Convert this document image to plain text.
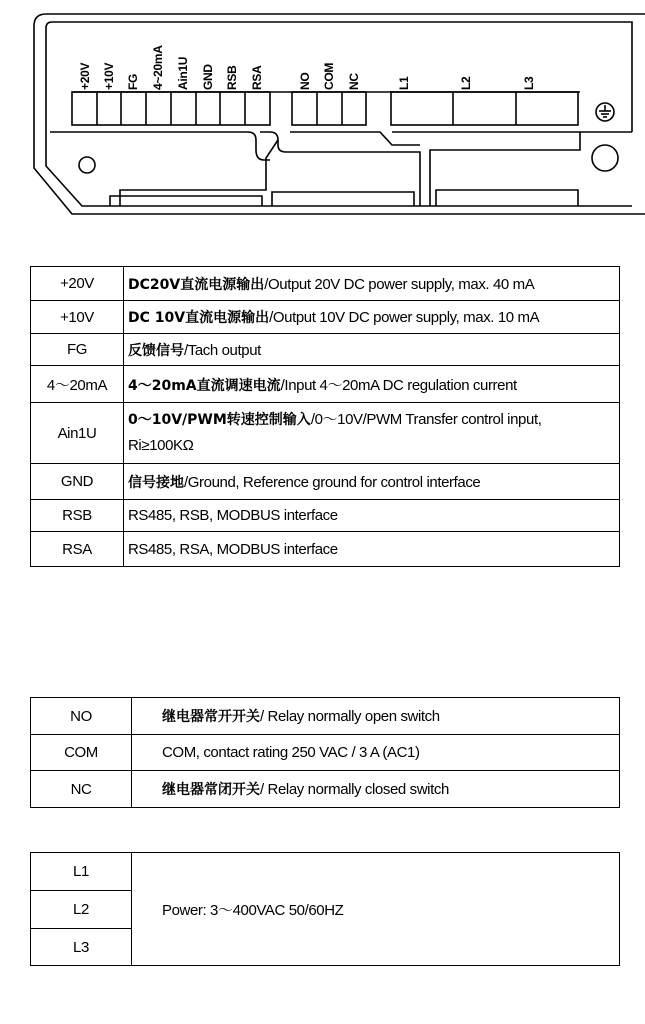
+20V +10V FG 4~20mA Ain1U GND RSB RSA	NO COM NC	L1	L2	L3
+20V	DC20V直流电源输出/Output 20V DC power supply, max. 40 mA
+10V	DC 10V直流电源输出/Output 10V DC power supply, max. 10 mA
FG	反馈信号/Tach output
4～20mA	4～20mA直流调速电流/Input 4～20mA DC regulation current
Ain1U	0～10V/PWM转速控制输入/0～10V/PWM Transfer control input,
Ri≥100KΩ
GND	信号接地/Ground, Reference ground for control interface
RSB	RS485, RSB, MODBUS interface
RSA	RS485, RSA, MODBUS interface
NO	继电器常开开关/ Relay normally open switch
COM	COM, contact rating 250 VAC / 3 A (AC1)
NC	继电器常闭开关/ Relay normally closed switch
L1	Power: 3～400VAC 50/60HZ
L2
L3
